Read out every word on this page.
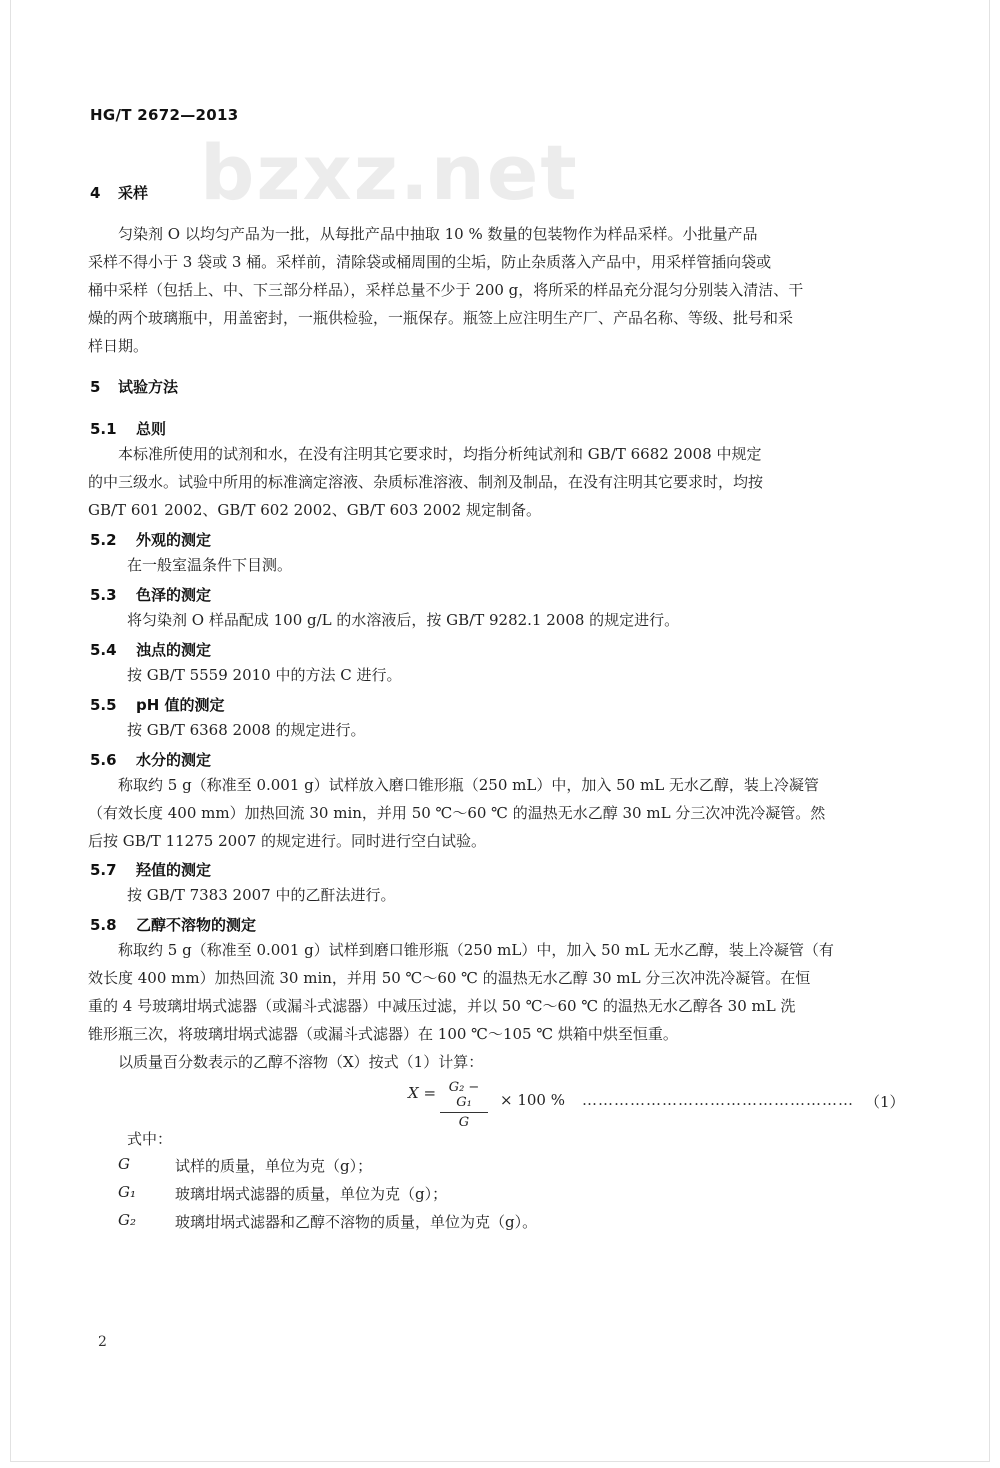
HG/T 2672—2013
bzxz.net
4 采样
匀染剂 O 以均匀产品为一批，从每批产品中抽取 10 % 数量的包装物作为样品采样。小批量产品
采样不得小于 3 袋或 3 桶。采样前，清除袋或桶周围的尘垢，防止杂质落入产品中，用采样管插向袋或
桶中采样（包括上、中、下三部分样品），采样总量不少于 200 g，将所采的样品充分混匀分别装入清洁、干
燥的两个玻璃瓶中，用盖密封，一瓶供检验，一瓶保存。瓶签上应注明生产厂、产品名称、等级、批号和采
样日期。
5 试验方法
5.1 总则
本标准所使用的试剂和水，在没有注明其它要求时，均指分析纯试剂和 GB/T 6682 2008 中规定
的中三级水。试验中所用的标准滴定溶液、杂质标准溶液、制剂及制品，在没有注明其它要求时，均按
GB/T 601 2002、GB/T 602 2002、GB/T 603 2002 规定制备。
5.2 外观的测定
在一般室温条件下目测。
5.3 色泽的测定
将匀染剂 O 样品配成 100 g/L 的水溶液后，按 GB/T 9282.1 2008 的规定进行。
5.4 浊点的测定
按 GB/T 5559 2010 中的方法 C 进行。
5.5 pH 值的测定
按 GB/T 6368 2008 的规定进行。
5.6 水分的测定
称取约 5 g（称准至 0.001 g）试样放入磨口锥形瓶（250 mL）中，加入 50 mL 无水乙醇，装上冷凝管
（有效长度 400 mm）加热回流 30 min，并用 50 ℃～60 ℃ 的温热无水乙醇 30 mL 分三次冲洗冷凝管。然
后按 GB/T 11275 2007 的规定进行。同时进行空白试验。
5.7 羟值的测定
按 GB/T 7383 2007 中的乙酐法进行。
5.8 乙醇不溶物的测定
称取约 5 g（称准至 0.001 g）试样到磨口锥形瓶（250 mL）中，加入 50 mL 无水乙醇，装上冷凝管（有
效长度 400 mm）加热回流 30 min，并用 50 ℃～60 ℃ 的温热无水乙醇 30 mL 分三次冲洗冷凝管。在恒
重的 4 号玻璃坩埚式滤器（或漏斗式滤器）中减压过滤，并以 50 ℃～60 ℃ 的温热无水乙醇各 30 mL 洗
锥形瓶三次，将玻璃坩埚式滤器（或漏斗式滤器）在 100 ℃～105 ℃ 烘箱中烘至恒重。
以质量百分数表示的乙醇不溶物（X）按式（1）计算：
X = G₂ − G₁
G
× 100 % …………………………………………… （1）
式中：
G	试样的质量，单位为克（g）；
G₁	玻璃坩埚式滤器的质量，单位为克（g）；
G₂	玻璃坩埚式滤器和乙醇不溶物的质量，单位为克（g）。
2
